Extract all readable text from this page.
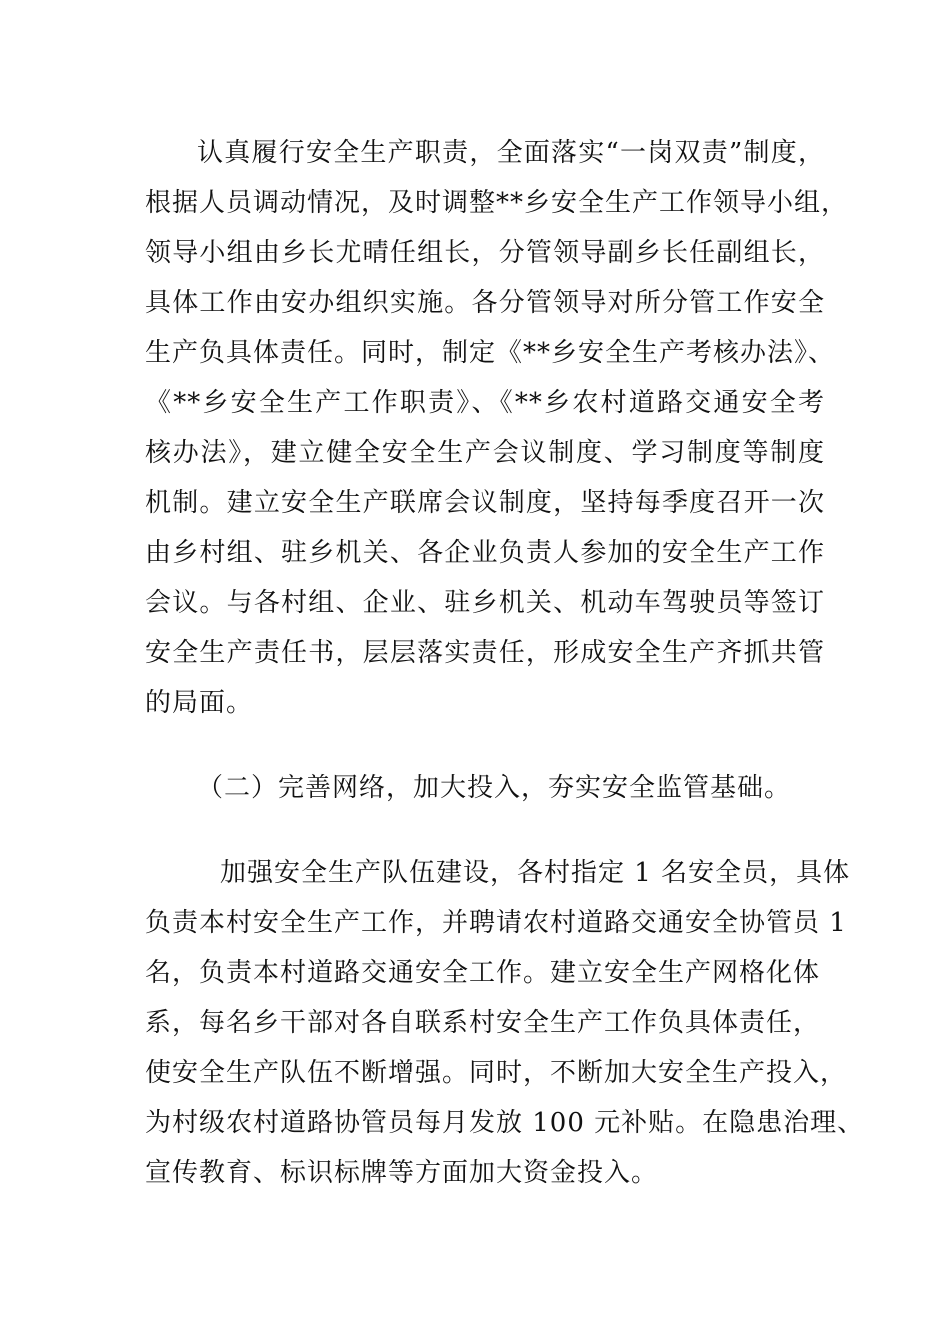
认真履行安全生产职责，全面落实“一岗双责”制度，
根据人员调动情况，及时调整**乡安全生产工作领导小组，
领导小组由乡长尤晴任组长，分管领导副乡长任副组长，
具体工作由安办组织实施。各分管领导对所分管工作安全
生产负具体责任。同时，制定《**乡安全生产考核办法》、
《**乡安全生产工作职责》、《**乡农村道路交通安全考
核办法》，建立健全安全生产会议制度、学习制度等制度
机制。建立安全生产联席会议制度，坚持每季度召开一次
由乡村组、驻乡机关、各企业负责人参加的安全生产工作
会议。与各村组、企业、驻乡机关、机动车驾驶员等签订
安全生产责任书，层层落实责任，形成安全生产齐抓共管
的局面。
（二）完善网络，加大投入，夯实安全监管基础。
加强安全生产队伍建设，各村指定 1 名安全员，具体
负责本村安全生产工作，并聘请农村道路交通安全协管员 1
名，负责本村道路交通安全工作。建立安全生产网格化体
系，每名乡干部对各自联系村安全生产工作负具体责任，
使安全生产队伍不断增强。同时，不断加大安全生产投入，
为村级农村道路协管员每月发放 100 元补贴。在隐患治理、
宣传教育、标识标牌等方面加大资金投入。
